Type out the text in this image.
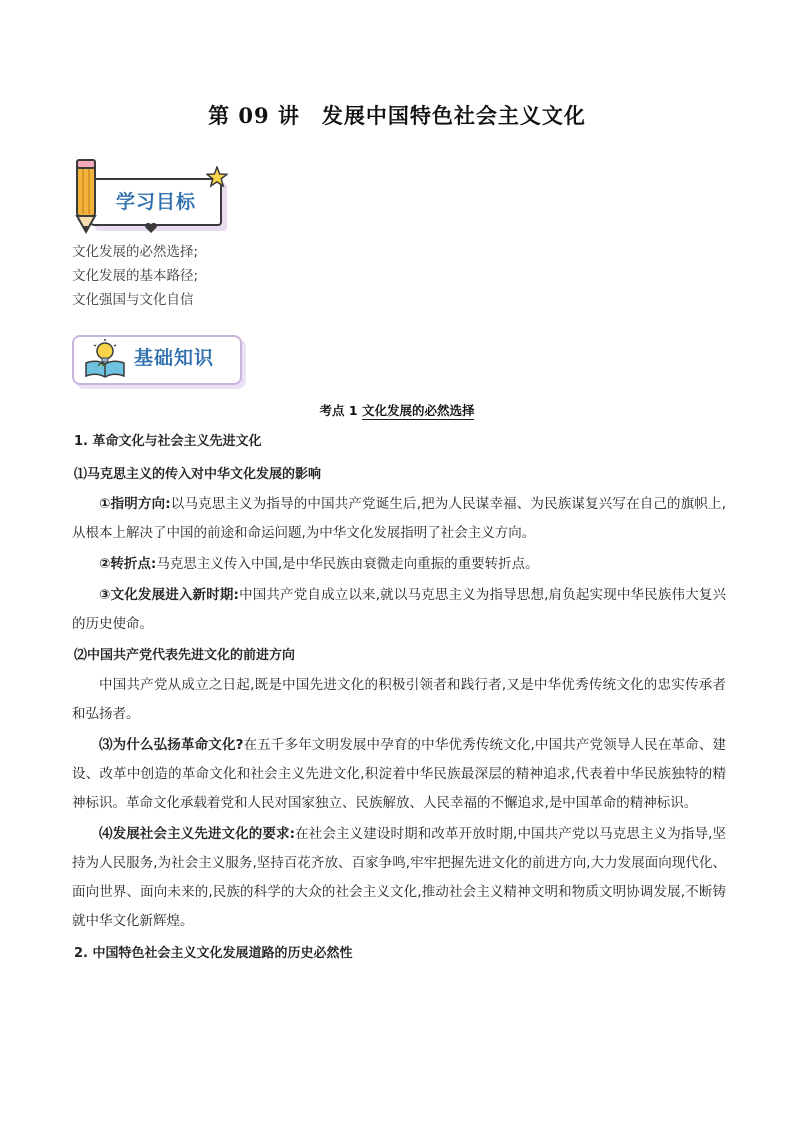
第 09 讲 发展中国特色社会主义文化
学习目标
文化发展的必然选择;
文化发展的基本路径;
文化强国与文化自信
基础知识
考点 1 文化发展的必然选择
1. 革命文化与社会主义先进文化
⑴马克思主义的传入对中华文化发展的影响
①指明方向:以马克思主义为指导的中国共产党诞生后,把为人民谋幸福、为民族谋复兴写在自己的旗帜上,从根本上解决了中国的前途和命运问题,为中华文化发展指明了社会主义方向。
②转折点:马克思主义传入中国,是中华民族由衰微走向重振的重要转折点。
③文化发展进入新时期:中国共产党自成立以来,就以马克思主义为指导思想,肩负起实现中华民族伟大复兴的历史使命。
⑵中国共产党代表先进文化的前进方向
中国共产党从成立之日起,既是中国先进文化的积极引领者和践行者,又是中华优秀传统文化的忠实传承者和弘扬者。
⑶为什么弘扬革命文化?在五千多年文明发展中孕育的中华优秀传统文化,中国共产党领导人民在革命、建设、改革中创造的革命文化和社会主义先进文化,积淀着中华民族最深层的精神追求,代表着中华民族独特的精神标识。革命文化承载着党和人民对国家独立、民族解放、人民幸福的不懈追求,是中国革命的精神标识。
⑷发展社会主义先进文化的要求:在社会主义建设时期和改革开放时期,中国共产党以马克思主义为指导,坚持为人民服务,为社会主义服务,坚持百花齐放、百家争鸣,牢牢把握先进文化的前进方向,大力发展面向现代化、面向世界、面向未来的,民族的科学的大众的社会主义文化,推动社会主义精神文明和物质文明协调发展,不断铸就中华文化新辉煌。
2. 中国特色社会主义文化发展道路的历史必然性
